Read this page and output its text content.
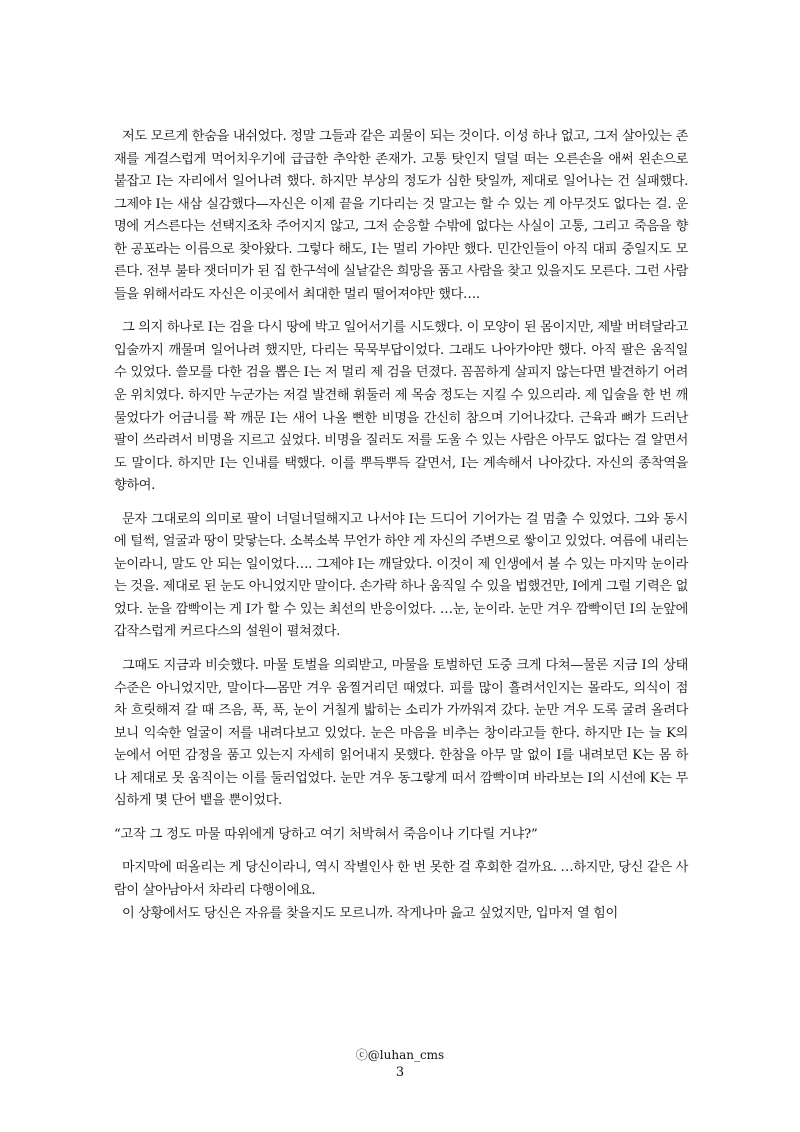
저도 모르게 한숨을 내쉬었다. 정말 그들과 같은 괴물이 되는 것이다. 이성 하나 없고, 그저 살아있는 존재를 게걸스럽게 먹어치우기에 급급한 추악한 존재가. 고통 탓인지 덜덜 떠는 오른손을 애써 왼손으로 붙잡고 I는 자리에서 일어나려 했다. 하지만 부상의 정도가 심한 탓일까, 제대로 일어나는 건 실패했다. 그제야 I는 새삼 실감했다—자신은 이제 끝을 기다리는 것 말고는 할 수 있는 게 아무것도 없다는 걸. 운명에 거스른다는 선택지조차 주어지지 않고, 그저 순응할 수밖에 없다는 사실이 고통, 그리고 죽음을 향한 공포라는 이름으로 찾아왔다. 그렇다 해도, I는 멀리 가야만 했다. 민간인들이 아직 대피 중일지도 모른다. 전부 불타 잿더미가 된 집 한구석에 실낱같은 희망을 품고 사람을 찾고 있을지도 모른다. 그런 사람들을 위해서라도 자신은 이곳에서 최대한 멀리 떨어져야만 했다….

그 의지 하나로 I는 검을 다시 땅에 박고 일어서기를 시도했다. 이 모양이 된 몸이지만, 제발 버텨달라고 입술까지 깨물며 일어나려 했지만, 다리는 묵묵부답이었다. 그래도 나아가야만 했다. 아직 팔은 움직일 수 있었다. 쓸모를 다한 검을 뽑은 I는 저 멀리 제 검을 던졌다. 꼼꼼하게 살피지 않는다면 발견하기 어려운 위치였다. 하지만 누군가는 저걸 발견해 휘둘러 제 목숨 정도는 지킬 수 있으리라. 제 입술을 한 번 깨물었다가 어금니를 꽉 깨문 I는 새어 나올 뻔한 비명을 간신히 참으며 기어나갔다. 근육과 뼈가 드러난 팔이 쓰라려서 비명을 지르고 싶었다. 비명을 질러도 저를 도울 수 있는 사람은 아무도 없다는 걸 알면서도 말이다. 하지만 I는 인내를 택했다. 이를 뿌득뿌득 갈면서, I는 계속해서 나아갔다. 자신의 종착역을 향하여.

문자 그대로의 의미로 팔이 너덜너덜해지고 나서야 I는 드디어 기어가는 걸 멈출 수 있었다. 그와 동시에 털썩, 얼굴과 땅이 맞닿는다. 소복소복 무언가 하얀 게 자신의 주변으로 쌓이고 있었다. 여름에 내리는 눈이라니, 말도 안 되는 일이었다…. 그제야 I는 깨달았다. 이것이 제 인생에서 볼 수 있는 마지막 눈이라는 것을. 제대로 된 눈도 아니었지만 말이다. 손가락 하나 움직일 수 있을 법했건만, I에게 그럴 기력은 없었다. 눈을 깜빡이는 게 I가 할 수 있는 최선의 반응이었다. …눈, 눈이라. 눈만 겨우 깜빡이던 I의 눈앞에 갑작스럽게 커르다스의 설원이 펼쳐졌다.

그때도 지금과 비슷했다. 마물 토벌을 의뢰받고, 마물을 토벌하던 도중 크게 다쳐—물론 지금 I의 상태 수준은 아니었지만, 말이다—몸만 겨우 움찔거리던 때였다. 피를 많이 흘려서인지는 몰라도, 의식이 점차 흐릿해져 갈 때 즈음, 푹, 푹, 눈이 거칠게 밟히는 소리가 가까워져 갔다. 눈만 겨우 도록 굴려 올려다보니 익숙한 얼굴이 저를 내려다보고 있었다. 눈은 마음을 비추는 창이라고들 한다. 하지만 I는 늘 K의 눈에서 어떤 감정을 품고 있는지 자세히 읽어내지 못했다. 한참을 아무 말 없이 I를 내려보던 K는 몸 하나 제대로 못 움직이는 이를 둘러업었다. 눈만 겨우 동그랗게 떠서 깜빡이며 바라보는 I의 시선에 K는 무심하게 몇 단어 뱉을 뿐이었다.

“고작 그 정도 마물 따위에게 당하고 여기 처박혀서 죽음이나 기다릴 거냐?”

마지막에 떠올리는 게 당신이라니, 역시 작별인사 한 번 못한 걸 후회한 걸까요. …하지만, 당신 같은 사람이 살아남아서 차라리 다행이에요.

이 상황에서도 당신은 자유를 찾을지도 모르니까. 작게나마 읊고 싶었지만, 입마저 열 힘이

ⓒ@luhan_cms
3
